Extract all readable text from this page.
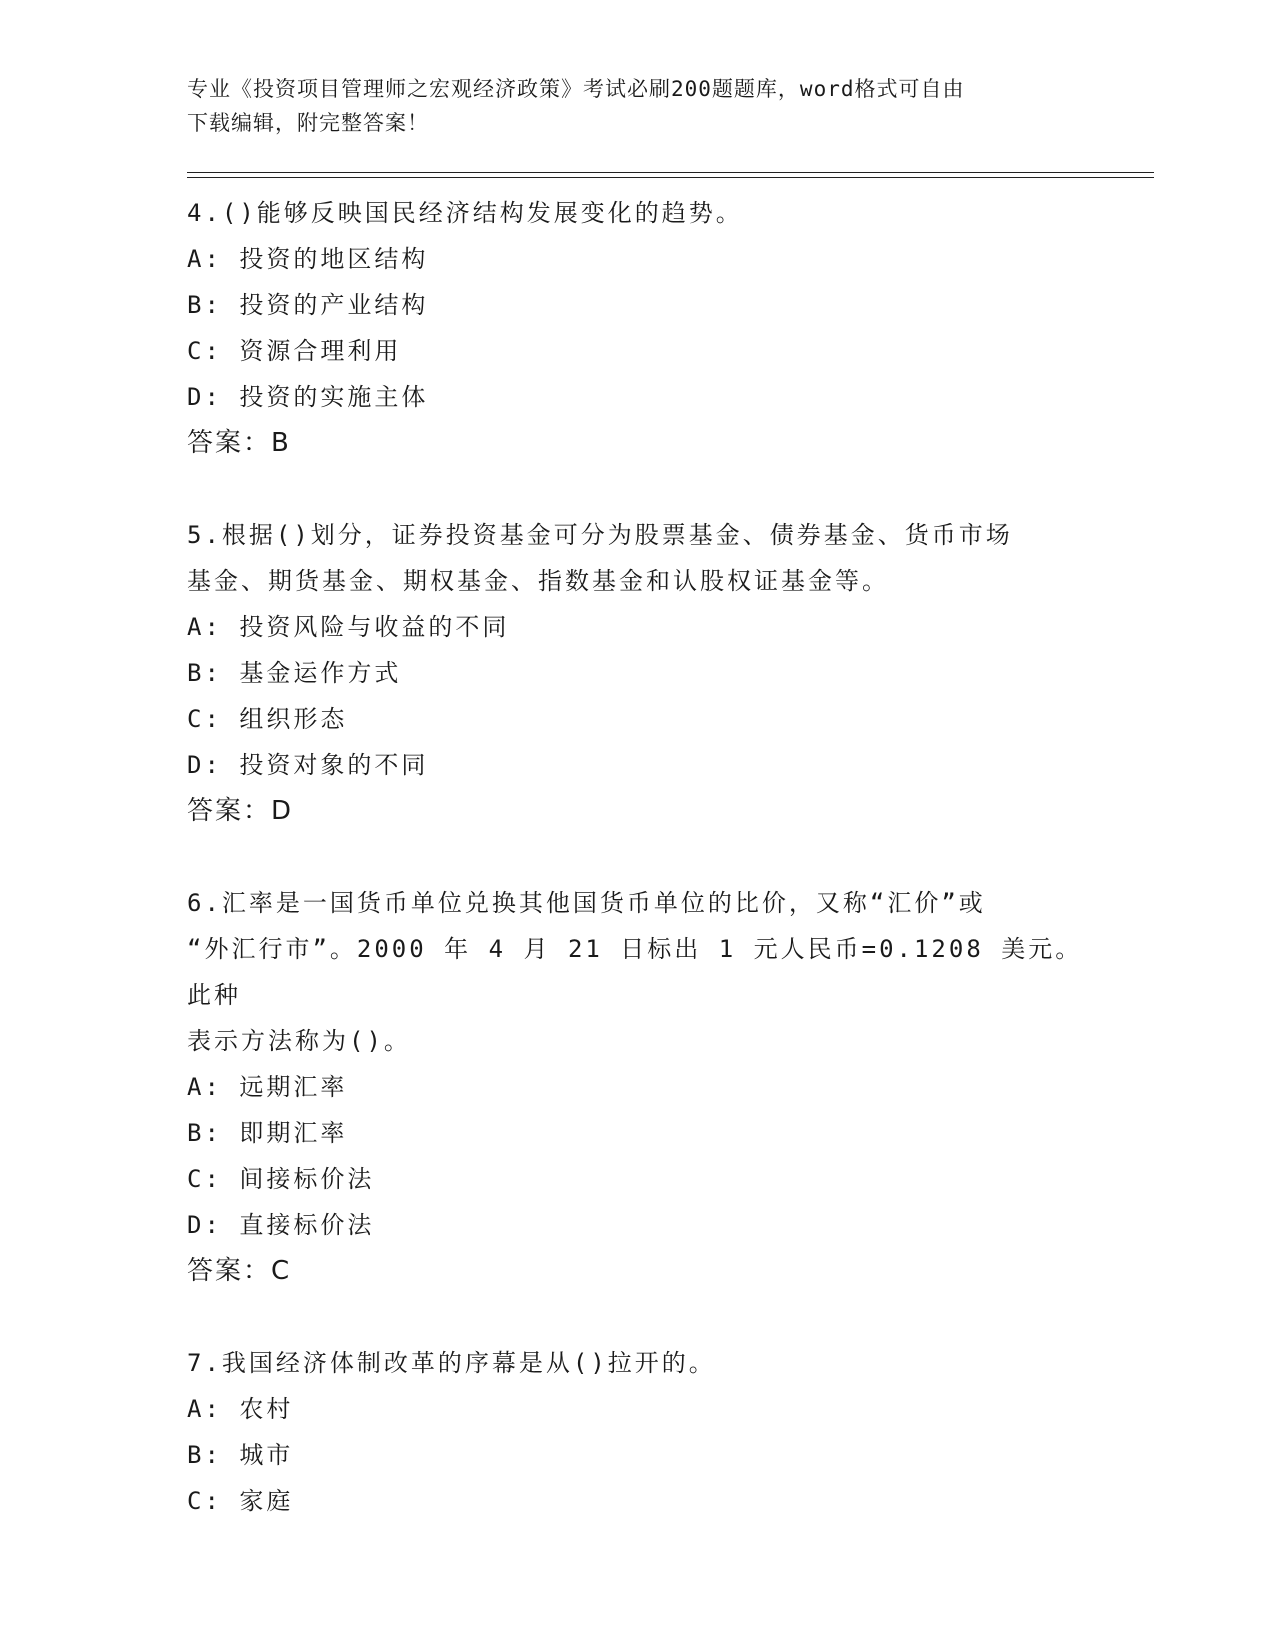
专业《投资项目管理师之宏观经济政策》考试必刷200题题库，word格式可自由
下载编辑，附完整答案！
4.()能够反映国民经济结构发展变化的趋势。
A: 投资的地区结构
B: 投资的产业结构
C: 资源合理利用
D: 投资的实施主体
答案：B
5.根据()划分，证券投资基金可分为股票基金、债券基金、货币市场
基金、期货基金、期权基金、指数基金和认股权证基金等。
A: 投资风险与收益的不同
B: 基金运作方式
C: 组织形态
D: 投资对象的不同
答案：D
6.汇率是一国货币单位兑换其他国货币单位的比价，又称“汇价”或
“外汇行市”。2000 年 4 月 21 日标出 1 元人民币=0.1208 美元。此种
表示方法称为()。
A: 远期汇率
B: 即期汇率
C: 间接标价法
D: 直接标价法
答案：C
7.我国经济体制改革的序幕是从()拉开的。
A: 农村
B: 城市
C: 家庭
